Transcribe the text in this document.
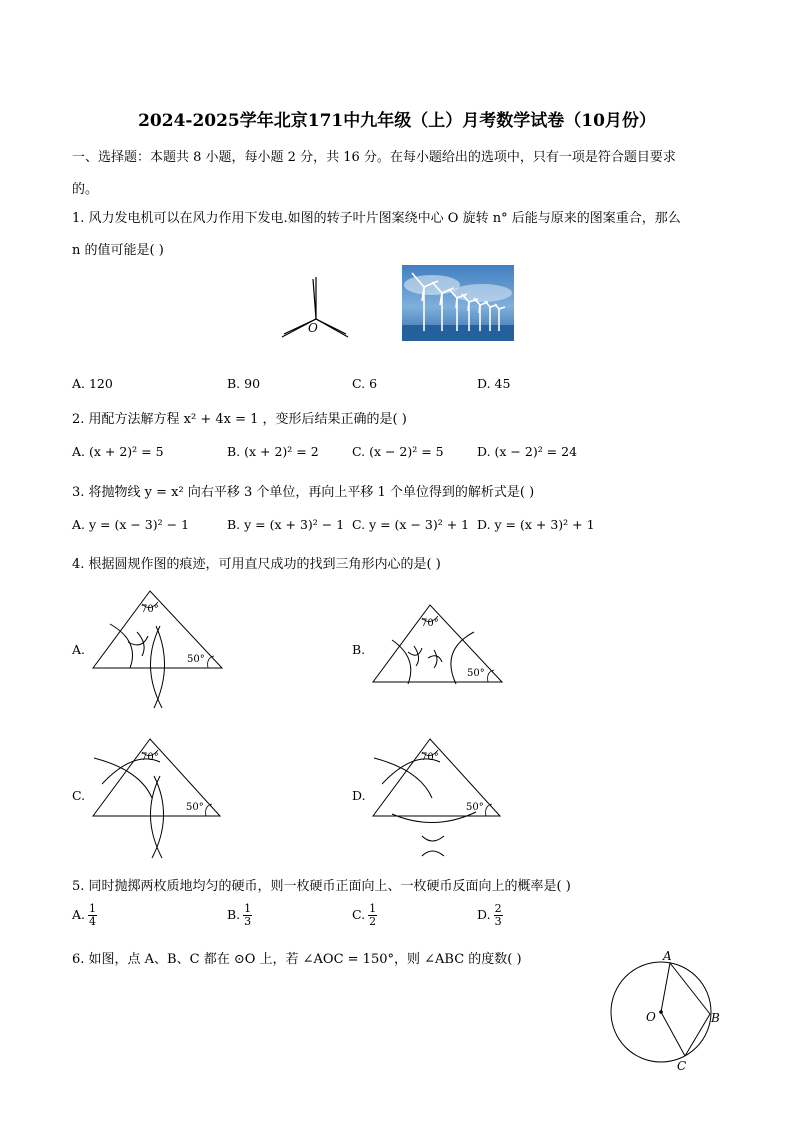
2024-2025学年北京171中九年级（上）月考数学试卷（10月份）
一、选择题：本题共 8 小题，每小题 2 分，共 16 分。在每小题给出的选项中，只有一项是符合题目要求
的。
1. 风力发电机可以在风力作用下发电.如图的转子叶片图案绕中心 O 旋转 n° 后能与原来的图案重合，那么
n 的值可能是( )
O
A. 120	B. 90	C. 6	D. 45
2. 用配方法解方程 x² + 4x = 1 ，变形后结果正确的是( )
A. (x + 2)² = 5	B. (x + 2)² = 2	C. (x − 2)² = 5	D. (x − 2)² = 24
3. 将抛物线 y = x² 向右平移 3 个单位，再向上平移 1 个单位得到的解析式是( )
A. y = (x − 3)² − 1	B. y = (x + 3)² − 1 C. y = (x − 3)² + 1 D. y = (x + 3)² + 1
4. 根据圆规作图的痕迹，可用直尺成功的找到三角形内心的是( )
A.
70°
50°
B.
70°
50°
C.
70°
50°
D.
70°
50°
5. 同时抛掷两枚质地均匀的硬币，则一枚硬币正面向上、一枚硬币反面向上的概率是( )
A. $\frac{1}{4}$	B. $\frac{1}{3}$	C. $\frac{1}{2}$	D. $\frac{2}{3}$
6. 如图，点 A、B、C 都在 ⊙O 上，若 ∠AOC = 150°，则 ∠ABC 的度数( )	A
B
C
O
